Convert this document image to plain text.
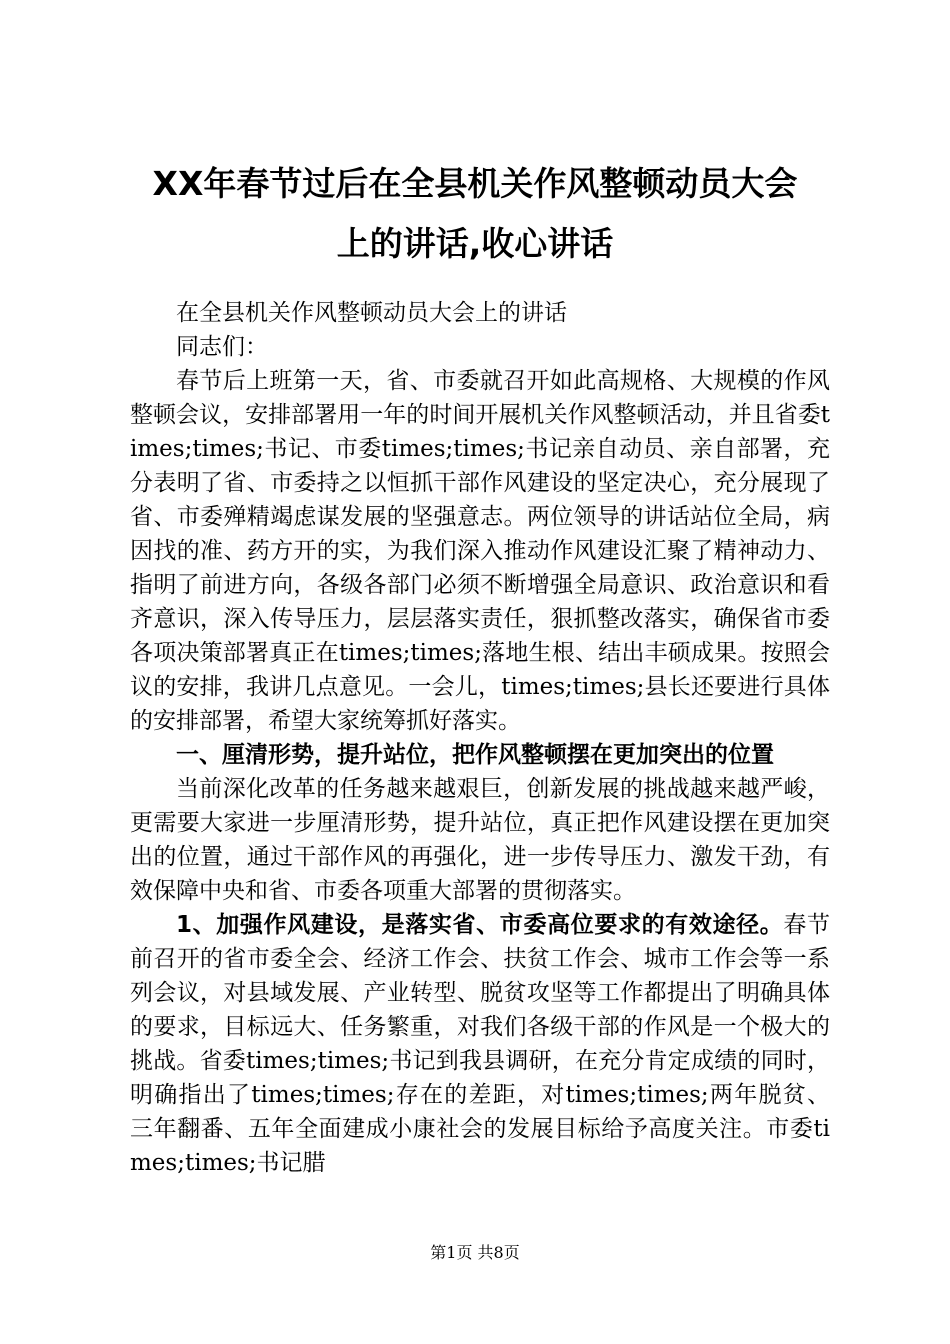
XX年春节过后在全县机关作风整顿动员大会
上的讲话,收心讲话

在全县机关作风整顿动员大会上的讲话

同志们：

春节后上班第一天，省、市委就召开如此高规格、大规模的作风整顿会议，安排部署用一年的时间开展机关作风整顿活动，并且省委times;times;书记、市委times;times;书记亲自动员、亲自部署，充分表明了省、市委持之以恒抓干部作风建设的坚定决心，充分展现了省、市委殚精竭虑谋发展的坚强意志。两位领导的讲话站位全局，病因找的准、药方开的实，为我们深入推动作风建设汇聚了精神动力、指明了前进方向，各级各部门必须不断增强全局意识、政治意识和看齐意识，深入传导压力，层层落实责任，狠抓整改落实，确保省市委各项决策部署真正在times;times;落地生根、结出丰硕成果。按照会议的安排，我讲几点意见。一会儿，times;times;县长还要进行具体的安排部署，希望大家统筹抓好落实。

一、厘清形势，提升站位，把作风整顿摆在更加突出的位置

当前深化改革的任务越来越艰巨，创新发展的挑战越来越严峻，更需要大家进一步厘清形势，提升站位，真正把作风建设摆在更加突出的位置，通过干部作风的再强化，进一步传导压力、激发干劲，有效保障中央和省、市委各项重大部署的贯彻落实。

1、加强作风建设，是落实省、市委高位要求的有效途径。春节前召开的省市委全会、经济工作会、扶贫工作会、城市工作会等一系列会议，对县域发展、产业转型、脱贫攻坚等工作都提出了明确具体的要求，目标远大、任务繁重，对我们各级干部的作风是一个极大的挑战。省委times;times;书记到我县调研，在充分肯定成绩的同时，明确指出了times;times;存在的差距，对times;times;两年脱贫、三年翻番、五年全面建成小康社会的发展目标给予高度关注。市委times;times;书记腊

第1页 共8页
